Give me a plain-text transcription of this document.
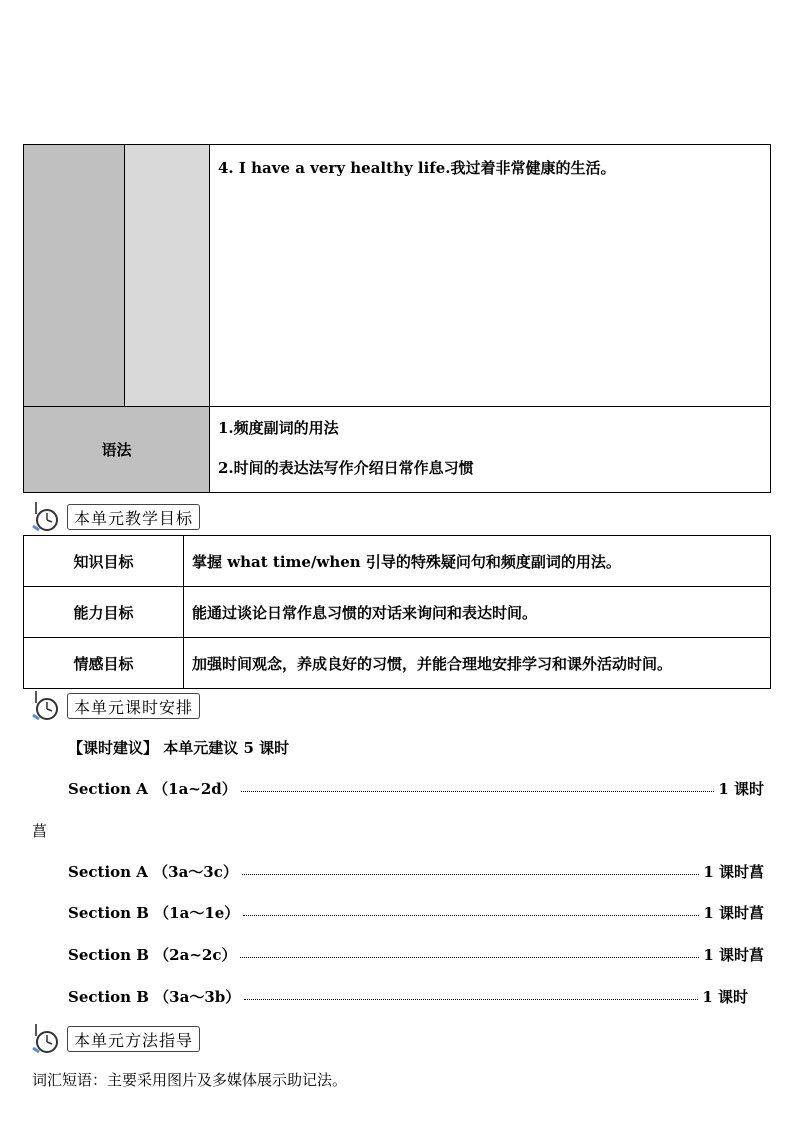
		4. I have a very healthy life.我过着非常健康的生活。
语法		1.频度副词的用法
2.时间的表达法写作介绍日常作息习惯
本单元教学目标
知识目标	掌握 what time/when 引导的特殊疑问句和频度副词的用法。
能力目标	能通过谈论日常作息习惯的对话来询问和表达时间。
情感目标	加强时间观念，养成良好的习惯，并能合理地安排学习和课外活动时间。
本单元课时安排
【课时建议】 本单元建议 5 课时
Section A （1a~2d）	1 课时
菖
Section A （3a～3c）	1 课时菖
Section B （1a～1e）	1 课时菖
Section B （2a~2c）	1 课时菖
Section B （3a～3b）	1 课时
本单元方法指导
词汇短语：主要采用图片及多媒体展示助记法。
